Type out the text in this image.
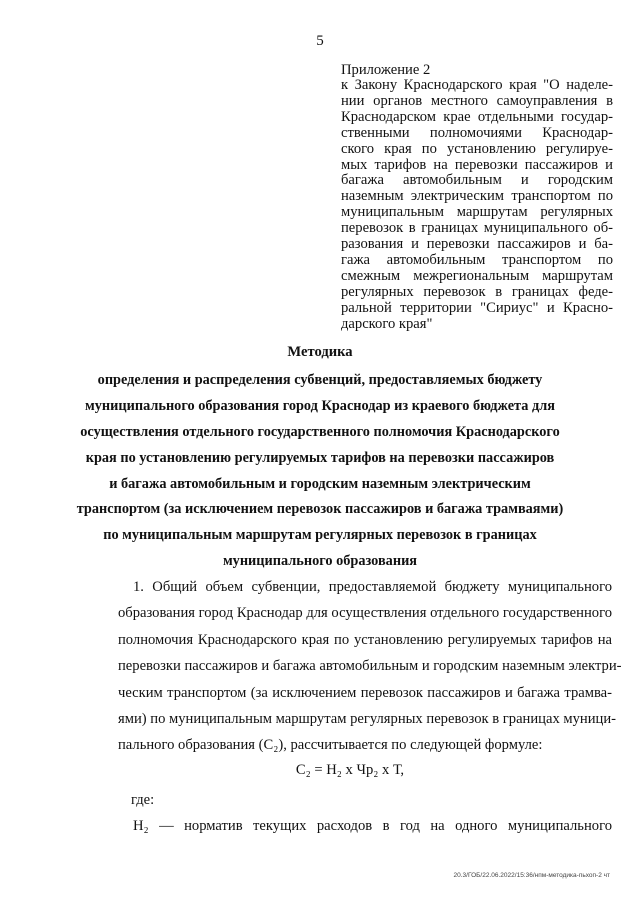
5
Приложение 2
к Закону Краснодарского края "О наделе-
нии органов местного самоуправления в
Краснодарском крае отдельными государ-
ственными полномочиями Краснодар-
ского края по установлению регулируе-
мых тарифов на перевозки пассажиров и
багажа автомобильным и городским
наземным электрическим транспортом по
муниципальным маршрутам регулярных
перевозок в границах муниципального об-
разования и перевозки пассажиров и ба-
гажа автомобильным транспортом по
смежным межрегиональным маршрутам
регулярных перевозок в границах феде-
ральной территории "Сириус" и Красно-
дарского края"
Методика
определения и распределения субвенций, предоставляемых бюджету
муниципального образования город Краснодар из краевого бюджета для
осуществления отдельного государственного полномочия Краснодарского
края по установлению регулируемых тарифов на перевозки пассажиров
и багажа автомобильным и городским наземным электрическим
транспортом (за исключением перевозок пассажиров и багажа трамваями)
по муниципальным маршрутам регулярных перевозок в границах
муниципального образования
1. Общий объем субвенции, предоставляемой бюджету муниципального
образования город Краснодар для осуществления отдельного государственного
полномочия Краснодарского края по установлению регулируемых тарифов на
перевозки пассажиров и багажа автомобильным и городским наземным электри-
ческим транспортом (за исключением перевозок пассажиров и багажа трамва-
ями) по муниципальным маршрутам регулярных перевозок в границах муници-
пального образования (С₂), рассчитывается по следующей формуле:
С₂ = Н₂ х Чр₂ х Т,
где:
Н₂ — норматив текущих расходов в год на одного муниципального
20.3/ГОБ/22.06.2022/15:36/нпм-методика-пьхоп-2 чт
